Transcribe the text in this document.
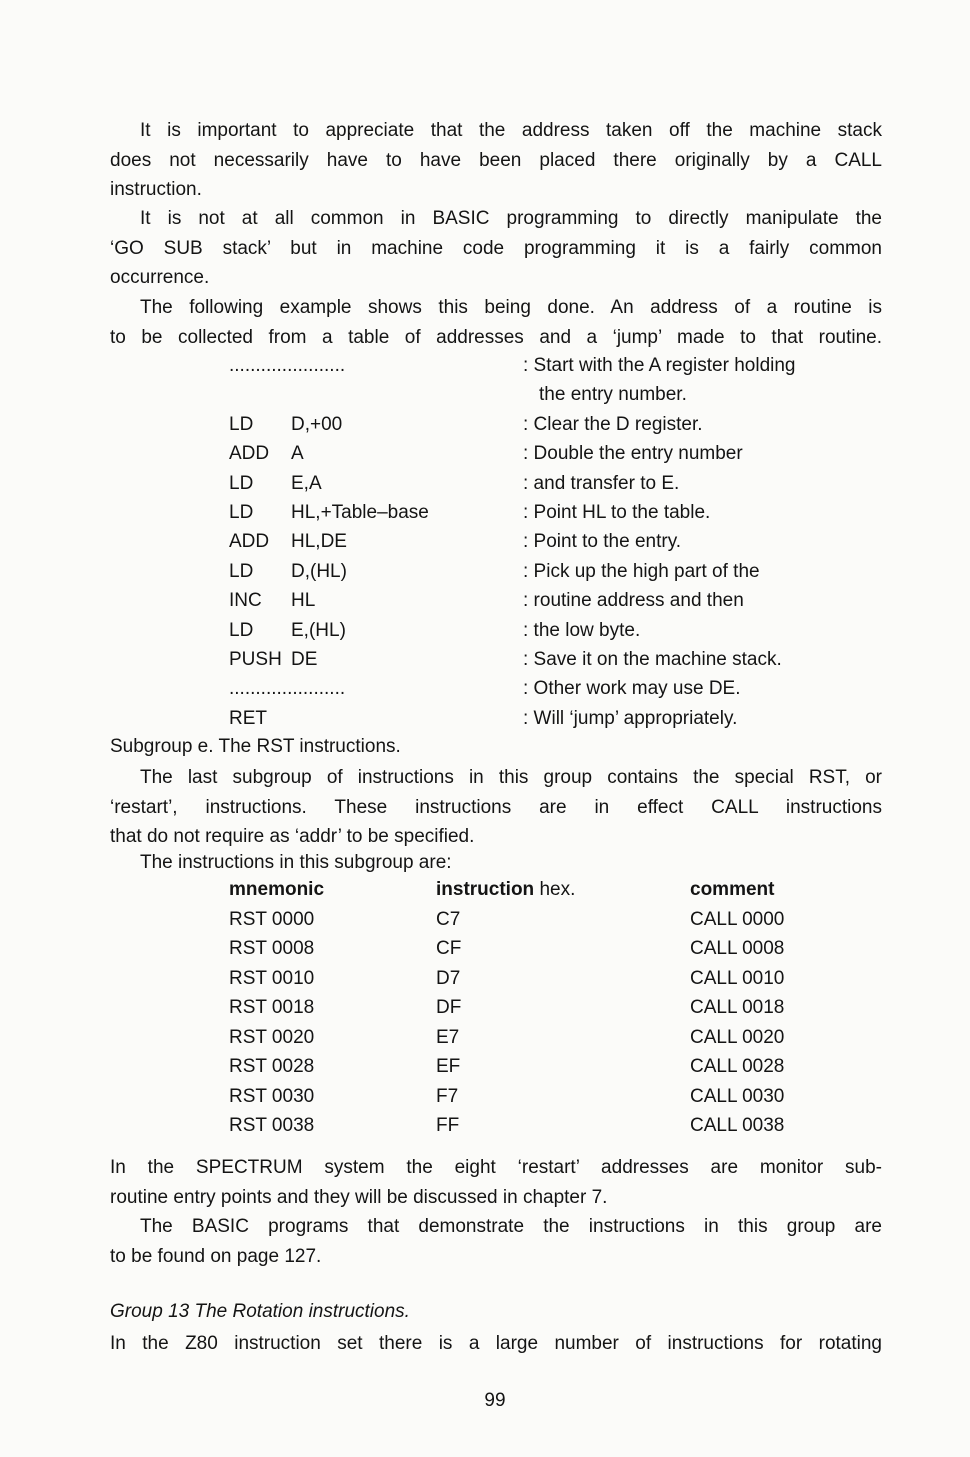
It is important to appreciate that the address taken off the machine stack
does not necessarily have to have been placed there originally by a CALL
instruction.
It is not at all common in BASIC programming to directly manipulate the
‘GO SUB stack’ but in machine code programming it is a fairly common
occurrence.
The following example shows this being done. An address of a routine is
to be collected from a table of addresses and a ‘jump’ made to that routine.
......................	: Start with the A register holding
the entry number.
LD D,+00	: Clear the D register.
ADD A	: Double the entry number
LD E,A	: and transfer to E.
LD HL,+Table–base	: Point HL to the table.
ADD HL,DE	: Point to the entry.
LD D,(HL)	: Pick up the high part of the
INC HL	: routine address and then
LD E,(HL)	: the low byte.
PUSH DE	: Save it on the machine stack.
......................	: Other work may use DE.
RET	: Will ‘jump’ appropriately.
Subgroup e. The RST instructions.
The last subgroup of instructions in this group contains the special RST, or
‘restart’, instructions. These instructions are in effect CALL instructions
that do not require as ‘addr’ to be specified.
The instructions in this subgroup are:
mnemonic	instruction hex.	comment
RST 0000	C7	CALL 0000
RST 0008	CF	CALL 0008
RST 0010	D7	CALL 0010
RST 0018	DF	CALL 0018
RST 0020	E7	CALL 0020
RST 0028	EF	CALL 0028
RST 0030	F7	CALL 0030
RST 0038	FF	CALL 0038
In the SPECTRUM system the eight ‘restart’ addresses are monitor sub-
routine entry points and they will be discussed in chapter 7.
The BASIC programs that demonstrate the instructions in this group are
to be found on page 127.
Group 13 The Rotation instructions.
In the Z80 instruction set there is a large number of instructions for rotating
99
